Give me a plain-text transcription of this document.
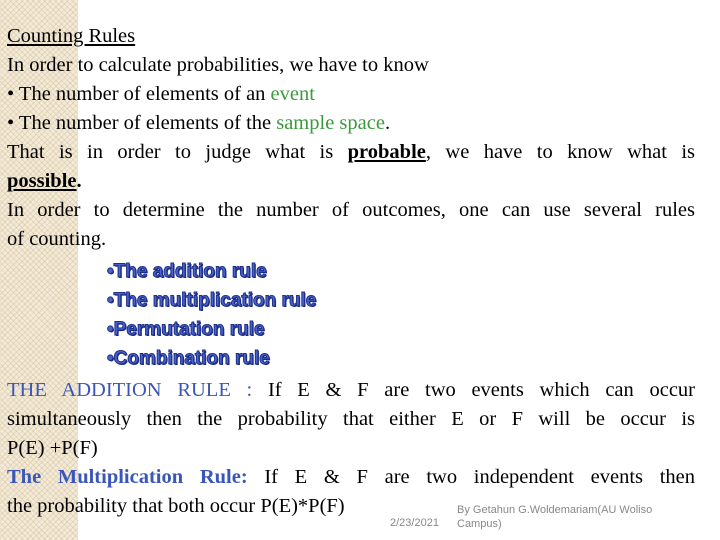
Counting Rules
In order to calculate probabilities, we have to know
• The number of elements of an event
• The number of elements of the sample space.
That is in order to judge what is probable, we have to know what is
possible.
In order to determine the number of outcomes, one can use several rules
of counting.
•The addition rule
•The multiplication rule
•Permutation rule
•Combination rule
THE ADDITION RULE : If E & F are two events which can occur
simultaneously then the probability that either E or F will be occur is
P(E) +P(F)
The Multiplication Rule: If E & F are two independent events then
the probability that both occur P(E)*P(F)
2/23/2021
By Getahun G.Woldemariam(AU Woliso Campus)
